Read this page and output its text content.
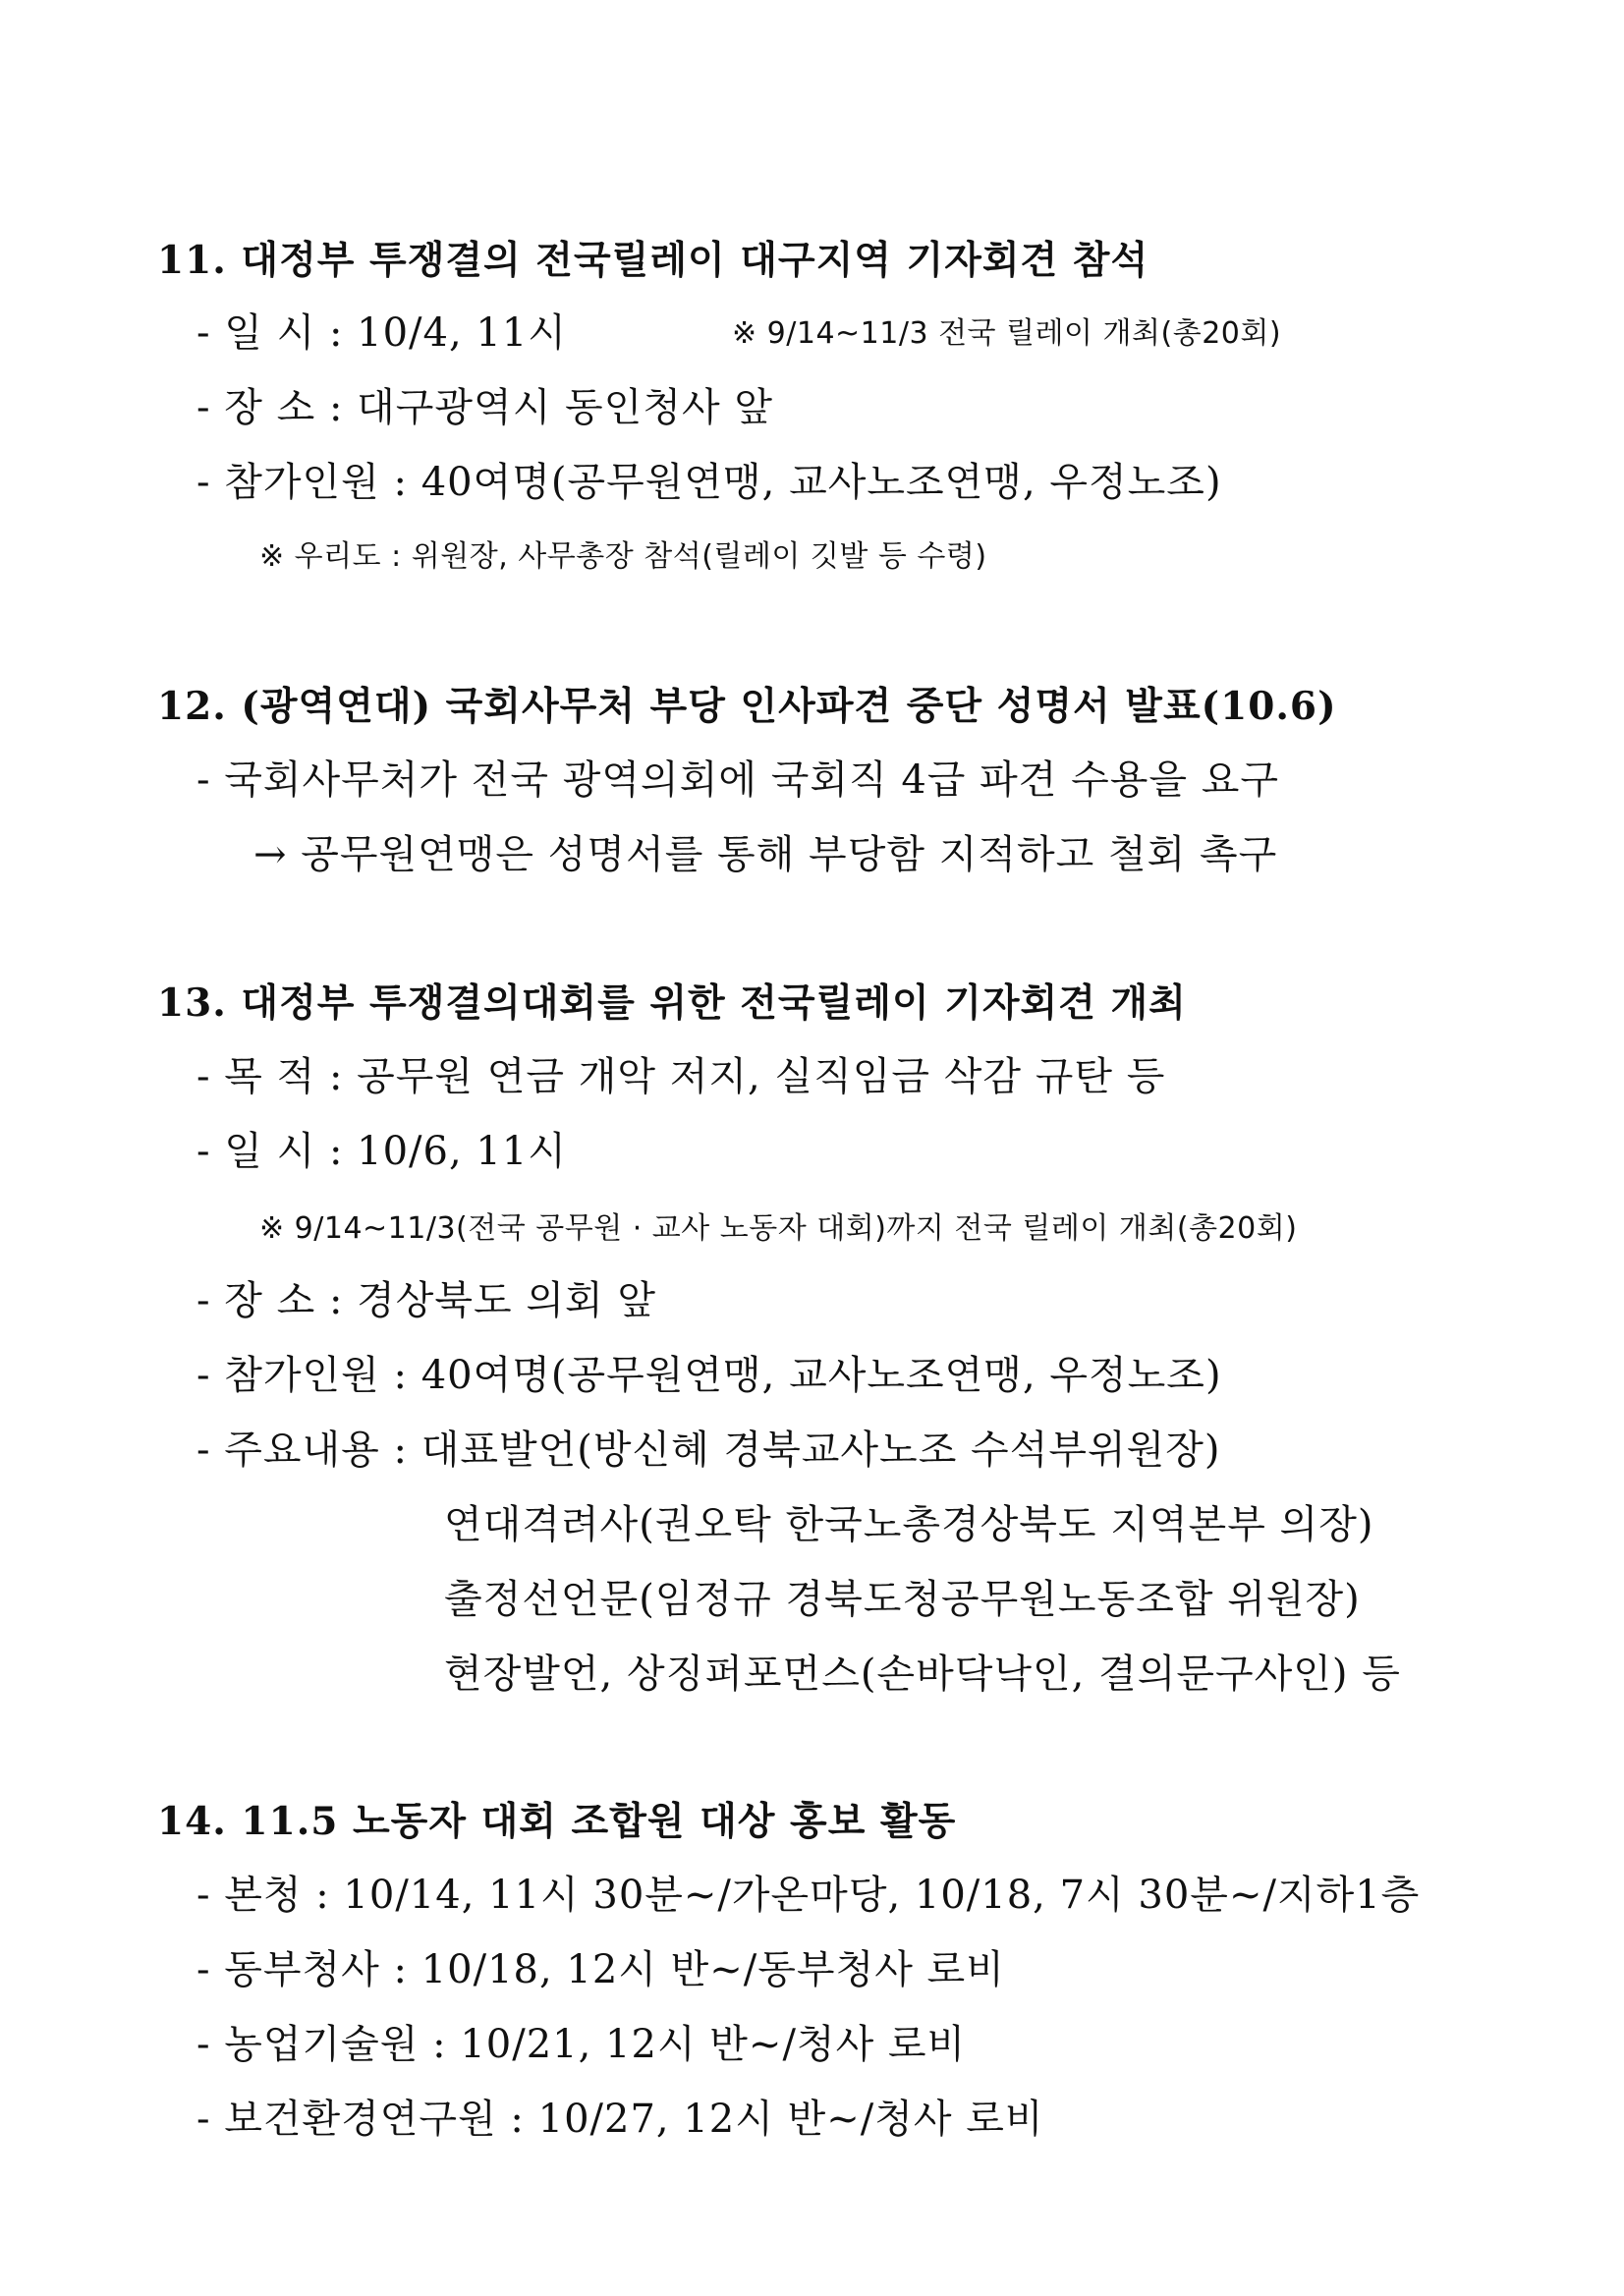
11. 대정부 투쟁결의 전국릴레이 대구지역 기자회견 참석
- 일 시 : 10/4, 11시	※ 9/14~11/3 전국 릴레이 개최(총20회)
- 장 소 : 대구광역시 동인청사 앞
- 참가인원 : 40여명(공무원연맹, 교사노조연맹, 우정노조)
※ 우리도 : 위원장, 사무총장 참석(릴레이 깃발 등 수령)
12. (광역연대) 국회사무처 부당 인사파견 중단 성명서 발표(10.6)
- 국회사무처가 전국 광역의회에 국회직 4급 파견 수용을 요구
→ 공무원연맹은 성명서를 통해 부당함 지적하고 철회 촉구
13. 대정부 투쟁결의대회를 위한 전국릴레이 기자회견 개최
- 목 적 : 공무원 연금 개악 저지, 실직임금 삭감 규탄 등
- 일 시 : 10/6, 11시
※ 9/14~11/3(전국 공무원 · 교사 노동자 대회)까지 전국 릴레이 개최(총20회)
- 장 소 : 경상북도 의회 앞
- 참가인원 : 40여명(공무원연맹, 교사노조연맹, 우정노조)
- 주요내용 : 대표발언(방신혜 경북교사노조 수석부위원장)
연대격려사(권오탁 한국노총경상북도 지역본부 의장)
출정선언문(임정규 경북도청공무원노동조합 위원장)
현장발언, 상징퍼포먼스(손바닥낙인, 결의문구사인) 등
14. 11.5 노동자 대회 조합원 대상 홍보 활동
- 본청 : 10/14, 11시 30분~/가온마당, 10/18, 7시 30분~/지하1층
- 동부청사 : 10/18, 12시 반~/동부청사 로비
- 농업기술원 : 10/21, 12시 반~/청사 로비
- 보건환경연구원 : 10/27, 12시 반~/청사 로비
